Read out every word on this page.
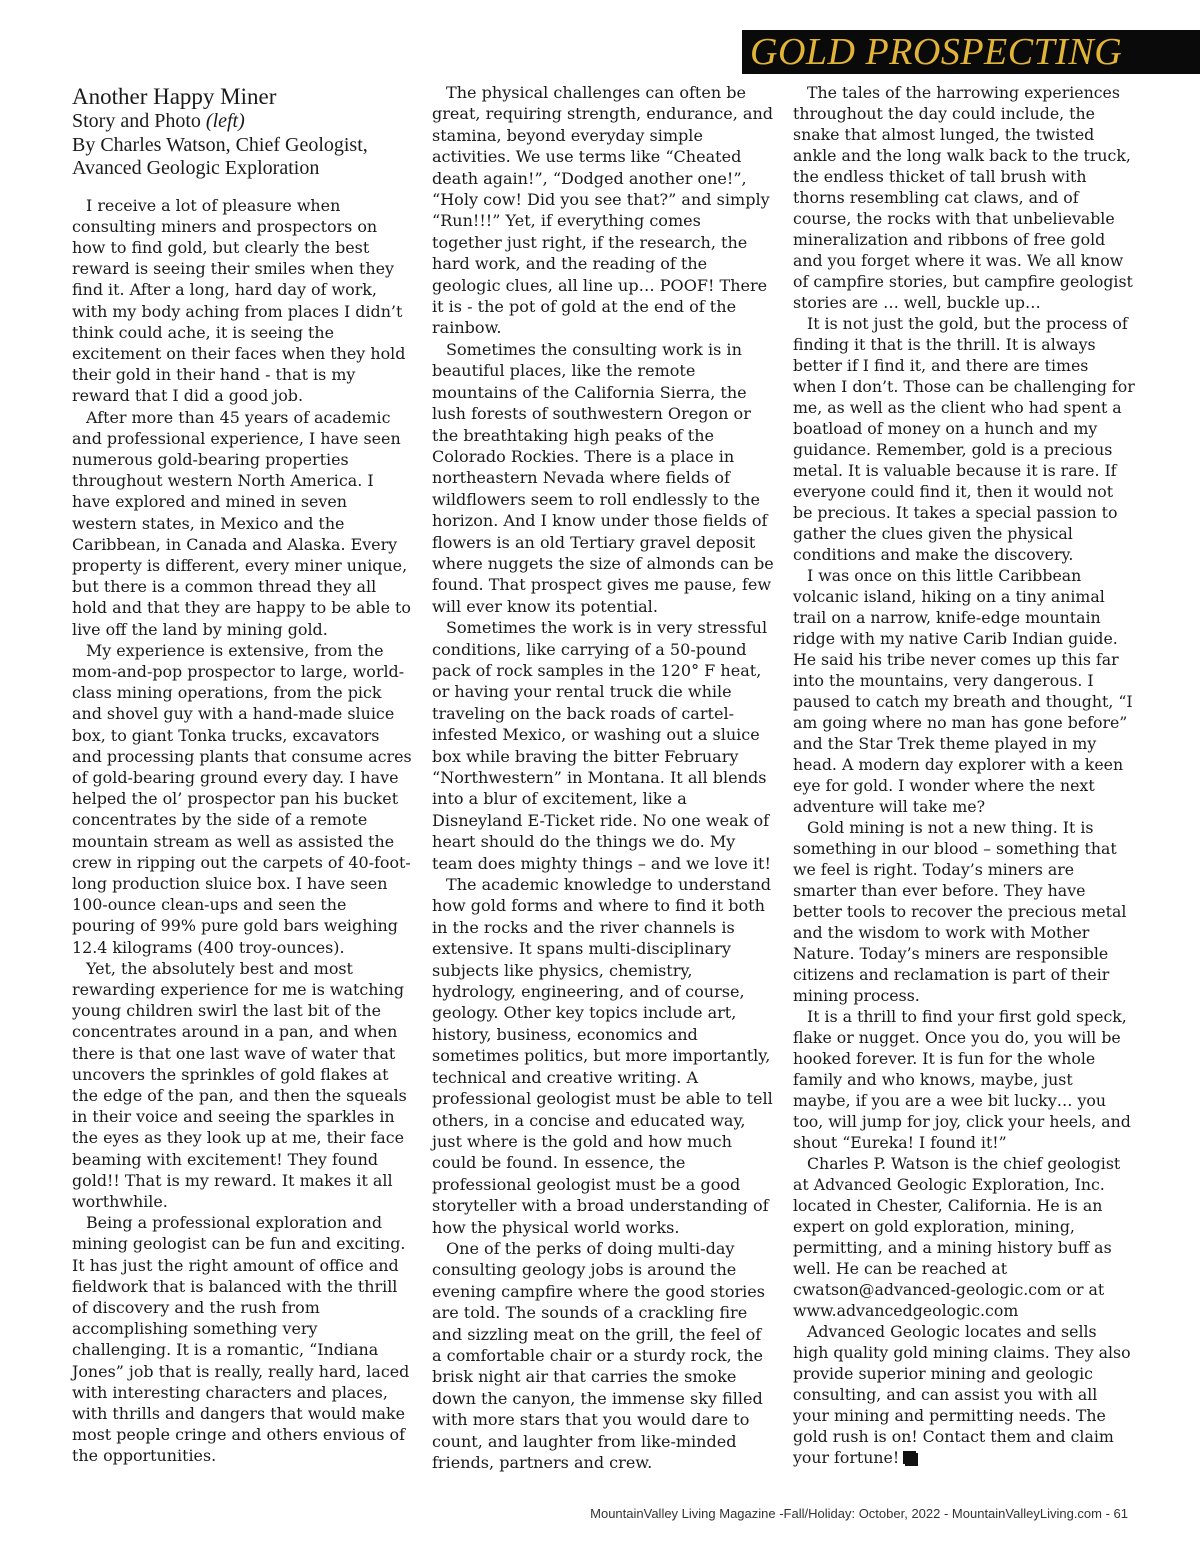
GOLD PROSPECTING
Another Happy Miner
Story and Photo (left)
By Charles Watson, Chief Geologist,
Avanced Geologic Exploration

I receive a lot of pleasure when consulting miners and prospectors on how to find gold, but clearly the best reward is seeing their smiles when they find it. After a long, hard day of work, with my body aching from places I didn’t think could ache, it is seeing the excitement on their faces when they hold their gold in their hand - that is my reward that I did a good job.

After more than 45 years of academic and professional experience, I have seen numerous gold-bearing properties throughout western North America. I have explored and mined in seven western states, in Mexico and the Caribbean, in Canada and Alaska. Every property is different, every miner unique, but there is a common thread they all hold and that they are happy to be able to live off the land by mining gold.

My experience is extensive, from the mom-and-pop prospector to large, world-class mining operations, from the pick and shovel guy with a hand-made sluice box, to giant Tonka trucks, excavators and processing plants that consume acres of gold-bearing ground every day. I have helped the ol’ prospector pan his bucket concentrates by the side of a remote mountain stream as well as assisted the crew in ripping out the carpets of 40-foot-long production sluice box. I have seen 100-ounce clean-ups and seen the pouring of 99% pure gold bars weighing 12.4 kilograms (400 troy-ounces).

Yet, the absolutely best and most rewarding experience for me is watching young children swirl the last bit of the concentrates around in a pan, and when there is that one last wave of water that uncovers the sprinkles of gold flakes at the edge of the pan, and then the squeals in their voice and seeing the sparkles in the eyes as they look up at me, their face beaming with excitement! They found gold!! That is my reward. It makes it all worthwhile.

Being a professional exploration and mining geologist can be fun and exciting. It has just the right amount of office and fieldwork that is balanced with the thrill of discovery and the rush from accomplishing something very challenging. It is a romantic, “Indiana Jones” job that is really, really hard, laced with interesting characters and places, with thrills and dangers that would make most people cringe and others envious of the opportunities.

The physical challenges can often be great, requiring strength, endurance, and stamina, beyond everyday simple activities. We use terms like “Cheated death again!”, “Dodged another one!”, “Holy cow! Did you see that?” and simply “Run!!!” Yet, if everything comes together just right, if the research, the hard work, and the reading of the geologic clues, all line up… POOF! There it is - the pot of gold at the end of the rainbow.

Sometimes the consulting work is in beautiful places, like the remote mountains of the California Sierra, the lush forests of southwestern Oregon or the breathtaking high peaks of the Colorado Rockies. There is a place in northeastern Nevada where fields of wildflowers seem to roll endlessly to the horizon. And I know under those fields of flowers is an old Tertiary gravel deposit where nuggets the size of almonds can be found. That prospect gives me pause, few will ever know its potential.

Sometimes the work is in very stressful conditions, like carrying of a 50-pound pack of rock samples in the 120° F heat, or having your rental truck die while traveling on the back roads of cartel-infested Mexico, or washing out a sluice box while braving the bitter February “Northwestern” in Montana. It all blends into a blur of excitement, like a Disneyland E-Ticket ride. No one weak of heart should do the things we do. My team does mighty things – and we love it!

The academic knowledge to understand how gold forms and where to find it both in the rocks and the river channels is extensive. It spans multi-disciplinary subjects like physics, chemistry, hydrology, engineering, and of course, geology. Other key topics include art, history, business, economics and sometimes politics, but more importantly, technical and creative writing. A professional geologist must be able to tell others, in a concise and educated way, just where is the gold and how much could be found. In essence, the professional geologist must be a good storyteller with a broad understanding of how the physical world works.

One of the perks of doing multi-day consulting geology jobs is around the evening campfire where the good stories are told. The sounds of a crackling fire and sizzling meat on the grill, the feel of a comfortable chair or a sturdy rock, the brisk night air that carries the smoke down the canyon, the immense sky filled with more stars that you would dare to count, and laughter from like-minded friends, partners and crew.

The tales of the harrowing experiences throughout the day could include, the snake that almost lunged, the twisted ankle and the long walk back to the truck, the endless thicket of tall brush with thorns resembling cat claws, and of course, the rocks with that unbelievable mineralization and ribbons of free gold and you forget where it was. We all know of campfire stories, but campfire geologist stories are … well, buckle up…

It is not just the gold, but the process of finding it that is the thrill. It is always better if I find it, and there are times when I don’t. Those can be challenging for me, as well as the client who had spent a boatload of money on a hunch and my guidance. Remember, gold is a precious metal. It is valuable because it is rare. If everyone could find it, then it would not be precious. It takes a special passion to gather the clues given the physical conditions and make the discovery.

I was once on this little Caribbean volcanic island, hiking on a tiny animal trail on a narrow, knife-edge mountain ridge with my native Carib Indian guide. He said his tribe never comes up this far into the mountains, very dangerous. I paused to catch my breath and thought, “I am going where no man has gone before” and the Star Trek theme played in my head. A modern day explorer with a keen eye for gold. I wonder where the next adventure will take me?

Gold mining is not a new thing. It is something in our blood – something that we feel is right. Today’s miners are smarter than ever before. They have better tools to recover the precious metal and the wisdom to work with Mother Nature. Today’s miners are responsible citizens and reclamation is part of their mining process.

It is a thrill to find your first gold speck, flake or nugget. Once you do, you will be hooked forever. It is fun for the whole family and who knows, maybe, just maybe, if you are a wee bit lucky… you too, will jump for joy, click your heels, and shout “Eureka! I found it!”

Charles P. Watson is the chief geologist at Advanced Geologic Exploration, Inc. located in Chester, California. He is an expert on gold exploration, mining, permitting, and a mining history buff as well. He can be reached at cwatson@advanced-geologic.com or at www.advancedgeologic.com

Advanced Geologic locates and sells high quality gold mining claims. They also provide superior mining and geologic consulting, and can assist you with all your mining and permitting needs. The gold rush is on! Contact them and claim your fortune!

MountainValley Living Magazine -Fall/Holiday: October, 2022 - MountainValleyLiving.com - 61
